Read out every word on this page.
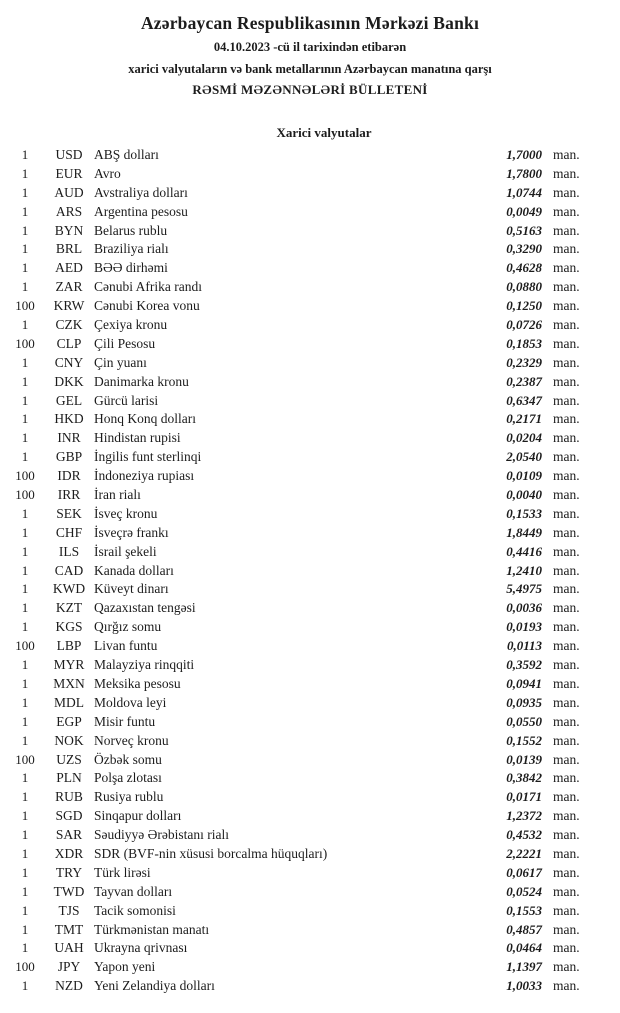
Azərbaycan Respublikasının Mərkəzi Bankı
04.10.2023 -cü il tarixindən etibarən
xarici valyutaların və bank metallarının Azərbaycan manatına qarşı
RƏSMİ MƏZƏNNƏLƏRİ BÜLLETENİ
Xarici valyutalar
1	USD ABŞ dolları	1,7000 man.
1	EUR Avro	1,7800 man.
1	AUD Avstraliya dolları	1,0744 man.
1	ARS Argentina pesosu	0,0049 man.
1	BYN Belarus rublu	0,5163 man.
1	BRL Braziliya rialı	0,3290 man.
1	AED BƏƏ dirhəmi	0,4628 man.
1	ZAR Cənubi Afrika randı	0,0880 man.
100	KRW Cənubi Korea vonu	0,1250 man.
1	CZK Çexiya kronu	0,0726 man.
100	CLP Çili Pesosu	0,1853 man.
1	CNY Çin yuanı	0,2329 man.
1	DKK Danimarka kronu	0,2387 man.
1	GEL Gürcü larisi	0,6347 man.
1	HKD Honq Konq dolları	0,2171 man.
1	INR Hindistan rupisi	0,0204 man.
1	GBP İngilis funt sterlinqi	2,0540 man.
100	IDR İndoneziya rupiası	0,0109 man.
100	IRR	İran rialı	0,0040 man.
1	SEK İsveç kronu	0,1533 man.
1	CHF İsveçrə frankı	1,8449 man.
1	ILS	İsrail şekeli	0,4416 man.
1	CAD Kanada dolları	1,2410 man.
1	KWD Küveyt dinarı	5,4975 man.
1	KZT Qazaxıstan tengəsi	0,0036 man.
1	KGS Qırğız somu	0,0193 man.
100	LBP Livan funtu	0,0113 man.
1	MYR Malayziya rinqqiti	0,3592 man.
1	MXN Meksika pesosu	0,0941 man.
1	MDL Moldova leyi	0,0935 man.
1	EGP Misir funtu	0,0550 man.
1	NOK Norveç kronu	0,1552 man.
100	UZS Özbək somu	0,0139 man.
1	PLN Polşa zlotası	0,3842 man.
1	RUB Rusiya rublu	0,0171 man.
1	SGD Sinqapur dolları	1,2372 man.
1	SAR Səudiyyə Ərəbistanı rialı	0,4532 man.
1	XDR SDR (BVF-nin xüsusi borcalma hüquqları)	2,2221 man.
1	TRY Türk lirəsi	0,0617 man.
1	TWD Tayvan dolları	0,0524 man.
1	TJS	Tacik somonisi	0,1553 man.
1	TMT Türkmənistan manatı	0,4857 man.
1	UAH Ukrayna qrivnası	0,0464 man.
100	JPY	Yapon yeni	1,1397 man.
1	NZD Yeni Zelandiya dolları	1,0033 man.
